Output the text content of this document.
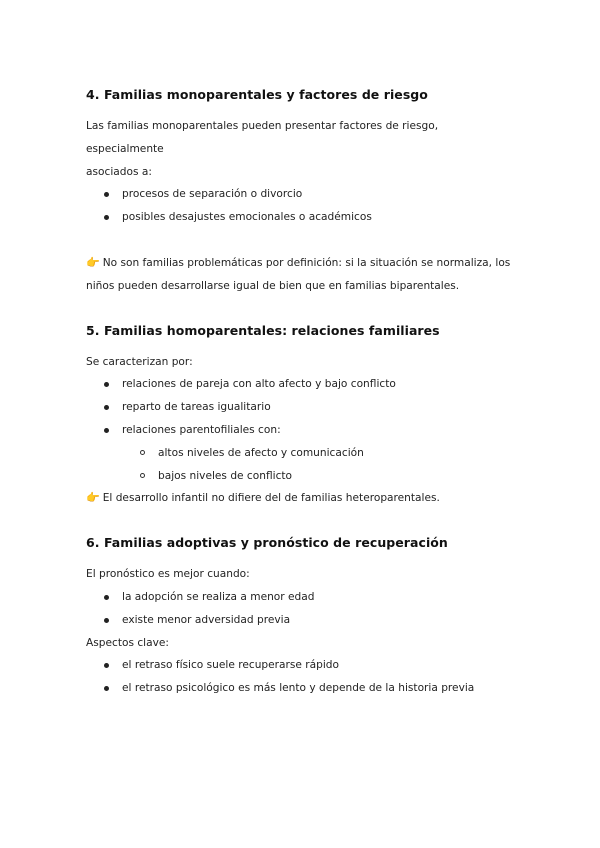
4. Familias monoparentales y factores de riesgo

Las familias monoparentales pueden presentar factores de riesgo, especialmente

asociados a:

procesos de separación o divorcio
posibles desajustes emocionales o académicos

👉 No son familias problemáticas por definición: si la situación se normaliza, los

niños pueden desarrollarse igual de bien que en familias biparentales.

5. Familias homoparentales: relaciones familiares

Se caracterizan por:

relaciones de pareja con alto afecto y bajo conflicto
reparto de tareas igualitario
relaciones parentofiliales con:
altos niveles de afecto y comunicación
bajos niveles de conflicto

👉 El desarrollo infantil no difiere del de familias heteroparentales.

6. Familias adoptivas y pronóstico de recuperación

El pronóstico es mejor cuando:

la adopción se realiza a menor edad
existe menor adversidad previa

Aspectos clave:

el retraso físico suele recuperarse rápido
el retraso psicológico es más lento y depende de la historia previa
